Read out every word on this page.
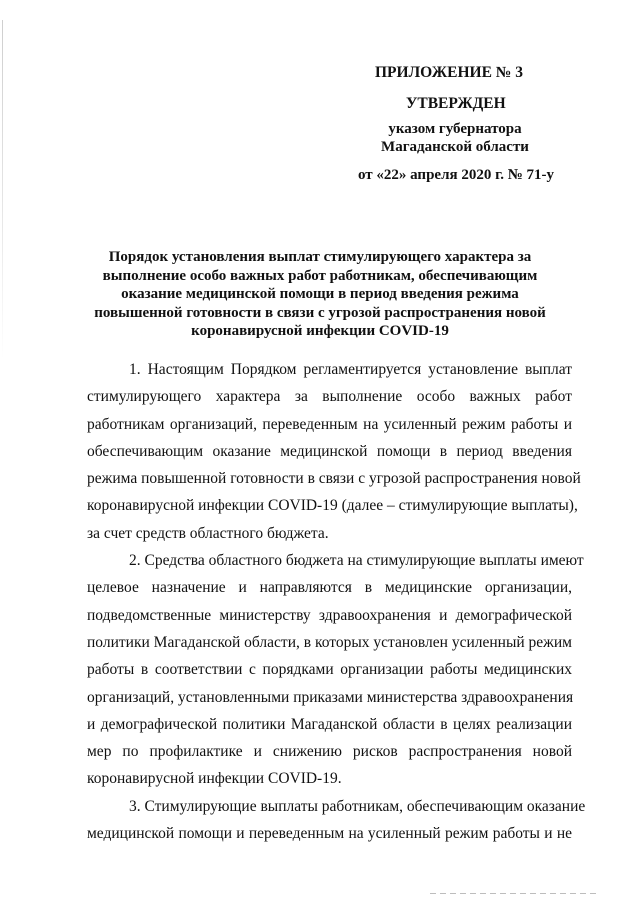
ПРИЛОЖЕНИЕ № 3
УТВЕРЖДЕН
указом губернатора
Магаданской области
от «22» апреля 2020 г. № 71-у
Порядок установления выплат стимулирующего характера за
выполнение особо важных работ работникам, обеспечивающим
оказание медицинской помощи в период введения режима
повышенной готовности в связи с угрозой распространения новой
коронавирусной инфекции COVID-19
1. Настоящим Порядком регламентируется установление выплат
стимулирующего характера за выполнение особо важных работ
работникам организаций, переведенным на усиленный режим работы и
обеспечивающим оказание медицинской помощи в период введения
режима повышенной готовности в связи с угрозой распространения новой
коронавирусной инфекции COVID-19 (далее – стимулирующие выплаты),
за счет средств областного бюджета.
2. Средства областного бюджета на стимулирующие выплаты имеют
целевое назначение и направляются в медицинские организации,
подведомственные министерству здравоохранения и демографической
политики Магаданской области, в которых установлен усиленный режим
работы в соответствии с порядками организации работы медицинских
организаций, установленными приказами министерства здравоохранения
и демографической политики Магаданской области в целях реализации
мер по профилактике и снижению рисков распространения новой
коронавирусной инфекции COVID-19.
3. Стимулирующие выплаты работникам, обеспечивающим оказание
медицинской помощи и переведенным на усиленный режим работы и не
